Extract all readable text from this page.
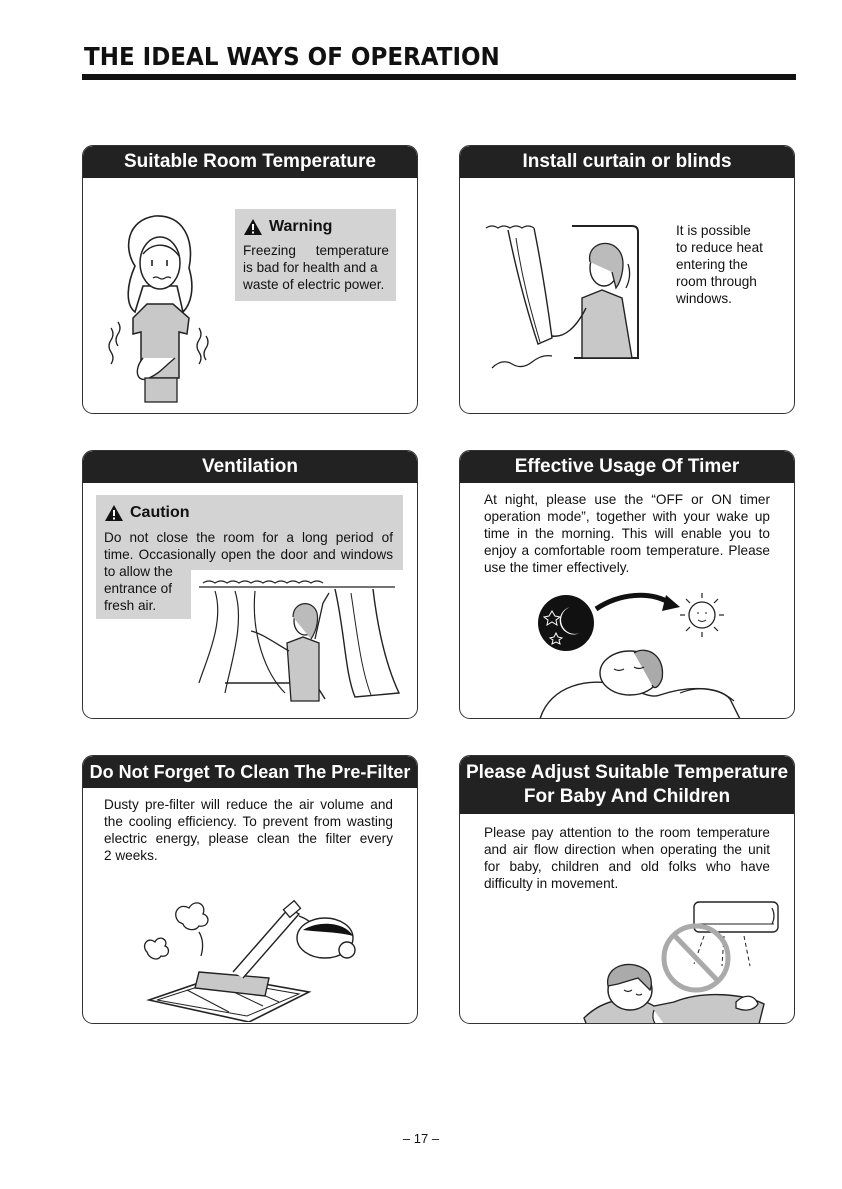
THE IDEAL WAYS OF OPERATION
Suitable Room Temperature
Warning
Freezing temperature
is bad for health and a
waste of electric power.
Install curtain or blinds
It is possible
to reduce heat
entering the
room through
windows.
Ventilation
Caution
Do not close the room for a long period of
time. Occasionally open the door and windows
to allow the
entrance of
fresh air.
Effective Usage Of Timer
At night, please use the “OFF or ON timer
operation mode”, together with your wake up
time in the morning. This will enable you to
enjoy a comfortable room temperature. Please
use the timer effectively.
Do Not Forget To Clean The Pre-Filter
Dusty pre-filter will reduce the air volume and
the cooling efficiency. To prevent from wasting
electric energy, please clean the filter every
2 weeks.
Please Adjust Suitable Temperature
For Baby And Children
Please pay attention to the room temperature
and air flow direction when operating the unit
for baby, children and old folks who have
difficulty in movement.
– 17 –
